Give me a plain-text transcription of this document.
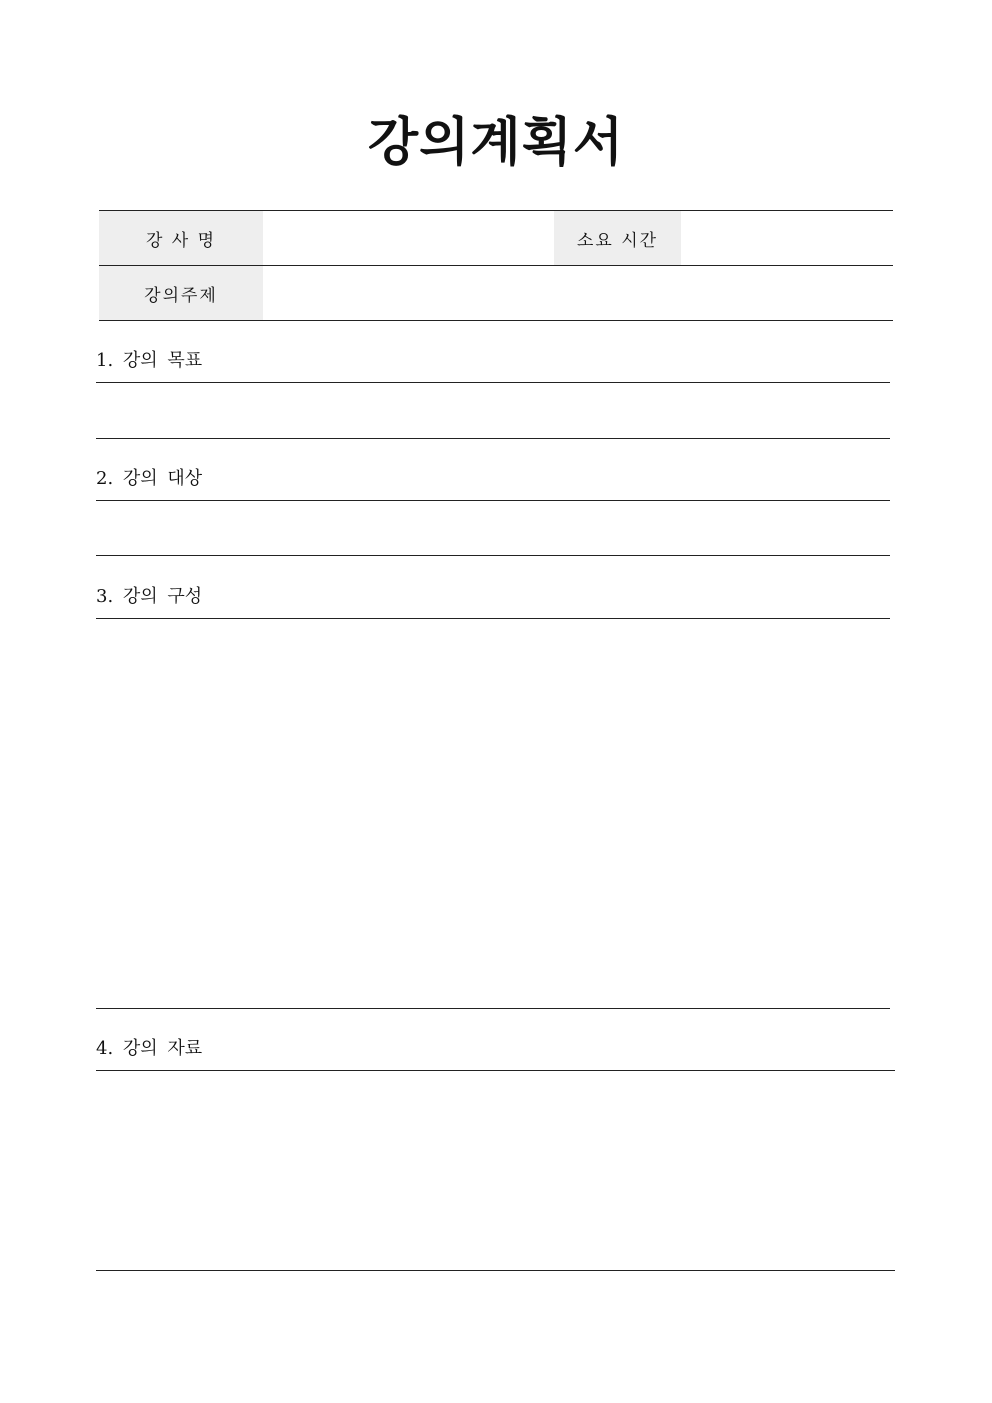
강의계획서
강 사 명	소요 시간
강의주제
1. 강의 목표
2. 강의 대상
3. 강의 구성
4. 강의 자료
